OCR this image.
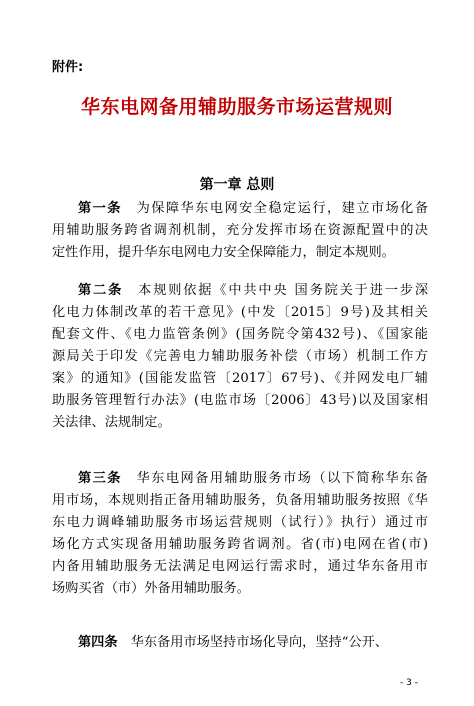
附件:
华东电网备用辅助服务市场运营规则
第一章 总则
第一条　 为保障华东电网安全稳定运行，建立市场化备
用辅助服务跨省调剂机制，充分发挥市场在资源配置中的决
定性作用，提升华东电网电力安全保障能力，制定本规则。
第二条　 本规则依据《中共中央 国务院关于进一步深
化电力体制改革的若干意见》(中发〔2015〕9号)及其相关
配套文件、《电力监管条例》(国务院令第432号)、《国家能
源局关于印发《完善电力辅助服务补偿（市场）机制工作方
案》的通知》(国能发监管〔2017〕67号)、《并网发电厂辅
助服务管理暂行办法》(电监市场〔2006〕43号)以及国家相
关法律、法规制定。
第三条　 华东电网备用辅助服务市场（以下简称华东备
用市场，本规则指正备用辅助服务，负备用辅助服务按照《华
东电力调峰辅助服务市场运营规则（试行）》执行）通过市
场化方式实现备用辅助服务跨省调剂。省(市)电网在省(市)
内备用辅助服务无法满足电网运行需求时，通过华东备用市
场购买省（市）外备用辅助服务。
第四条　 华东备用市场坚持市场化导向，坚持“公开、
- 3 -
